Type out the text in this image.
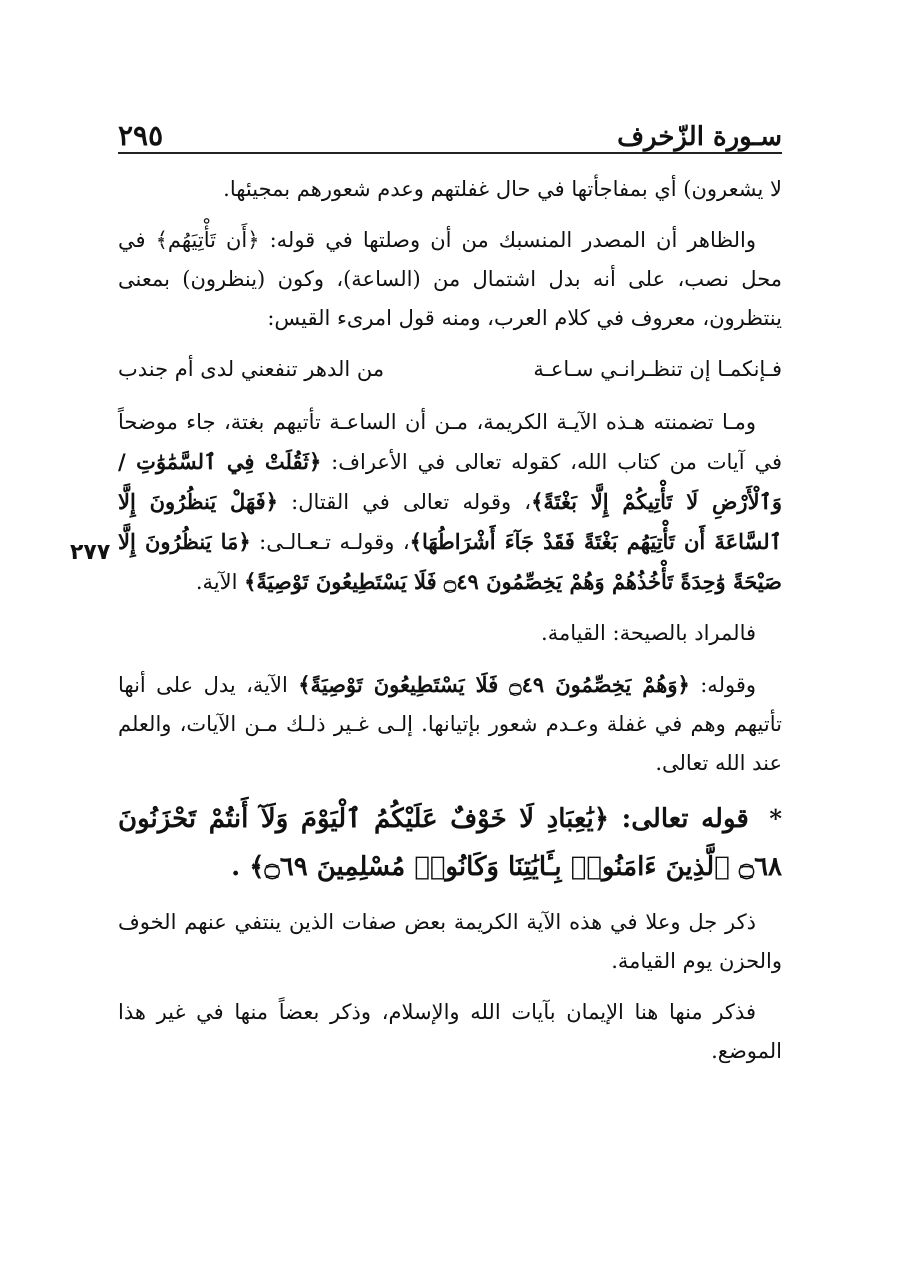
سـورة الزّخرف
٢٩٥
٢٧٧

لا يشعرون) أي بمفاجأتها في حال غفلتهم وعدم شعورهم بمجيئها.

والظاهر أن المصدر المنسبك من أن وصلتها في قوله: ﴿أَن تَأْتِيَهُم﴾ في محل نصب، على أنه بدل اشتمال من (الساعة)، وكون (ينظرون) بمعنى ينتظرون، معروف في كلام العرب، ومنه قول امرىء القيس:

فـإنكمـا إن تنظـرانـي سـاعـة
من الدهر تنفعني لدى أم جندب

ومـا تضمنته هـذه الآيـة الكريمة، مـن أن الساعـة تأتيهم بغتة، جاء موضحاً في آيات من كتاب الله، كقوله تعالى في الأعراف: ﴿ثَقُلَتْ فِي ٱلسَّمَٰوَٰتِ / وَٱلْأَرْضِ لَا تَأْتِيكُمْ إِلَّا بَغْتَةً﴾، وقوله تعالى في القتال: ﴿فَهَلْ يَنظُرُونَ إِلَّا ٱلسَّاعَةَ أَن تَأْتِيَهُم بَغْتَةً فَقَدْ جَآءَ أَشْرَاطُهَا﴾، وقولـه تـعـالـى: ﴿مَا يَنظُرُونَ إِلَّا صَيْحَةً وَٰحِدَةً تَأْخُذُهُمْ وَهُمْ يَخِصِّمُونَ ۝٤٩ فَلَا يَسْتَطِيعُونَ تَوْصِيَةً﴾ الآية.

فالمراد بالصيحة: القيامة.

وقوله: ﴿وَهُمْ يَخِصِّمُونَ ۝٤٩ فَلَا يَسْتَطِيعُونَ تَوْصِيَةً﴾ الآية، يدل على أنها تأتيهم وهم في غفلة وعـدم شعور بإتيانها. إلـى غـير ذلـك مـن الآيات، والعلم عند الله تعالى.

* قوله تعالى: ﴿يَٰعِبَادِ لَا خَوْفٌ عَلَيْكُمُ ٱلْيَوْمَ وَلَآ أَنتُمْ تَحْزَنُونَ ۝٦٨ ٱلَّذِينَ ءَامَنُوا۟ بِـَٔايَٰتِنَا وَكَانُوا۟ مُسْلِمِينَ ۝٦٩﴾ .

ذكر جل وعلا في هذه الآية الكريمة بعض صفات الذين ينتفي عنهم الخوف والحزن يوم القيامة.

فذكر منها هنا الإيمان بآيات الله والإسلام، وذكر بعضاً منها في غير هذا الموضع.
